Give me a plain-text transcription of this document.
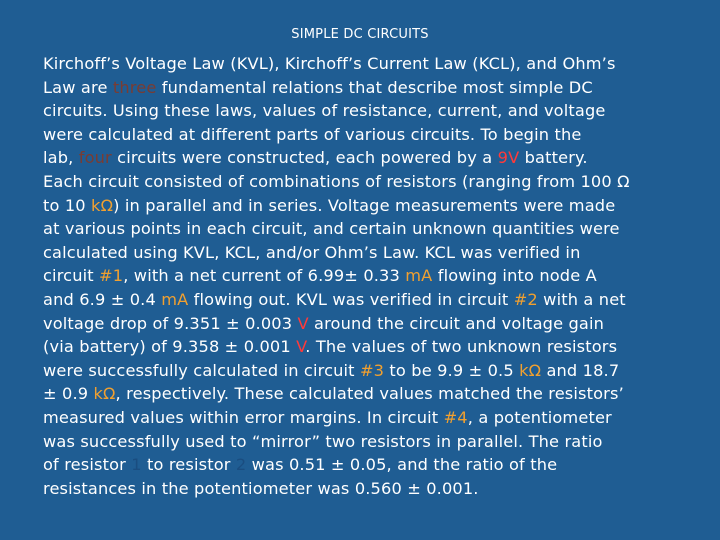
SIMPLE DC CIRCUITS
Kirchoff’s Voltage Law (KVL), Kirchoff’s Current Law (KCL), and Ohm’s
Law are three fundamental relations that describe most simple DC
circuits. Using these laws, values of resistance, current, and voltage
were calculated at different parts of various circuits. To begin the
lab, four circuits were constructed, each powered by a 9V battery.
Each circuit consisted of combinations of resistors (ranging from 100 Ω
to 10 kΩ) in parallel and in series. Voltage measurements were made
at various points in each circuit, and certain unknown quantities were
calculated using KVL, KCL, and/or Ohm’s Law. KCL was verified in
circuit #1, with a net current of 6.99± 0.33 mA flowing into node A
and 6.9 ± 0.4 mA flowing out. KVL was verified in circuit #2 with a net
voltage drop of 9.351 ± 0.003 V around the circuit and voltage gain
(via battery) of 9.358 ± 0.001 V. The values of two unknown resistors
were successfully calculated in circuit #3 to be 9.9 ± 0.5 kΩ and 18.7
± 0.9 kΩ, respectively. These calculated values matched the resistors’
measured values within error margins. In circuit #4, a potentiometer
was successfully used to “mirror” two resistors in parallel. The ratio
of resistor 1 to resistor 2 was 0.51 ± 0.05, and the ratio of the
resistances in the potentiometer was 0.560 ± 0.001.
